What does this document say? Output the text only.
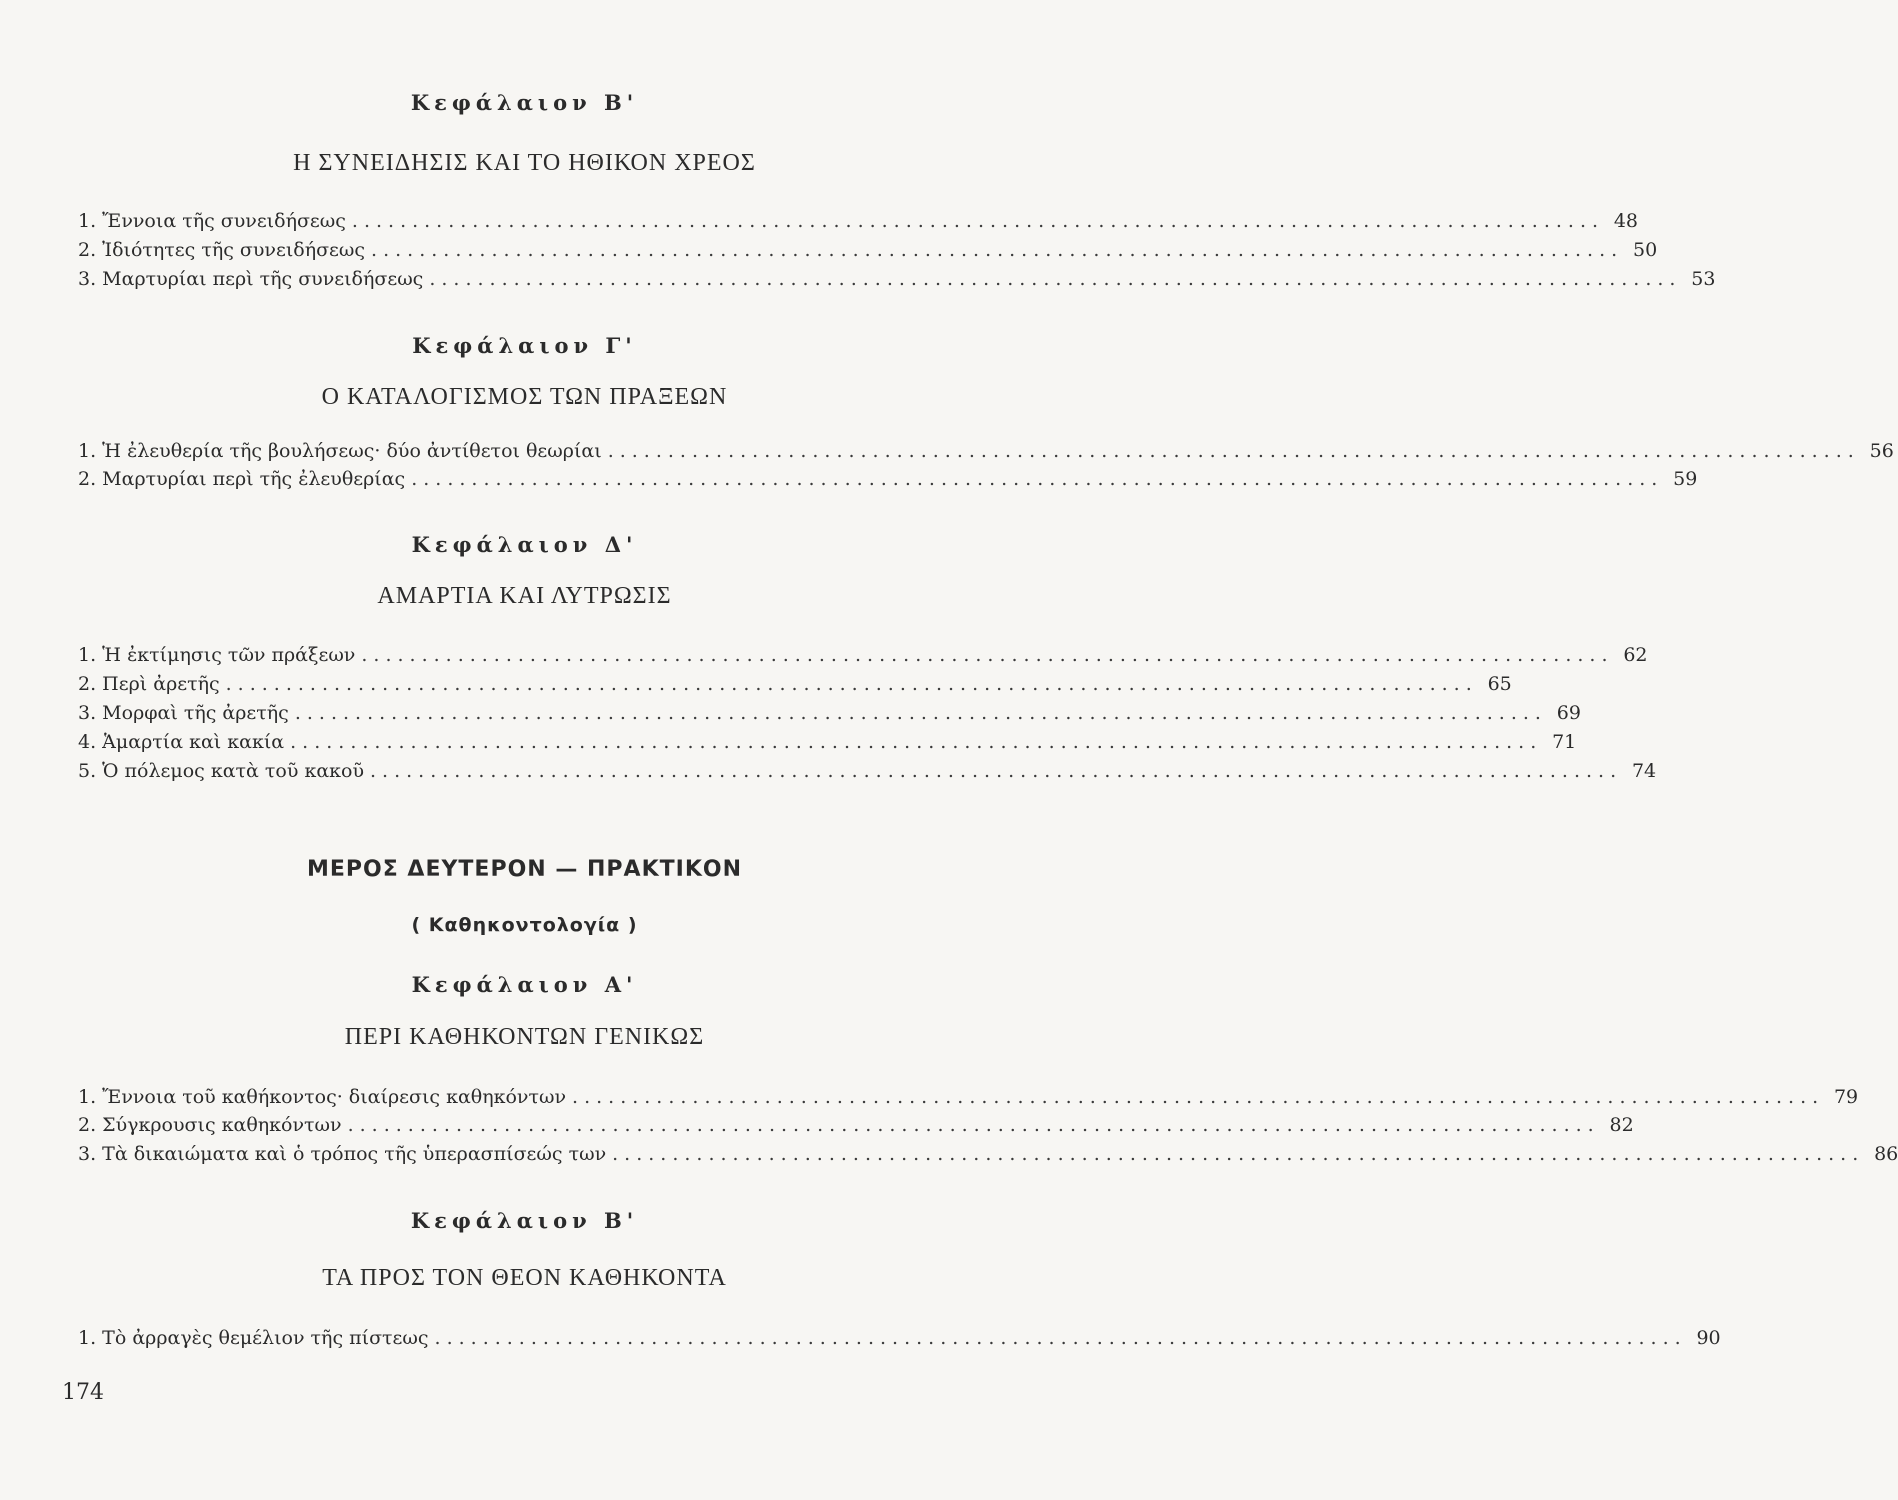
Κεφάλαιον Β'
Η ΣΥΝΕΙΔΗΣΙΣ ΚΑΙ ΤΟ ΗΘΙΚΟΝ ΧΡΕΟΣ
1. Ἔννοια τῆς συνειδήσεως ........................................................................................................ 48
2. Ἰδιότητες τῆς συνειδήσεως ........................................................................................................ 50
3. Μαρτυρίαι περὶ τῆς συνειδήσεως ........................................................................................................ 53
Κεφάλαιον Γ'
Ο ΚΑΤΑΛΟΓΙΣΜΟΣ ΤΩΝ ΠΡΑΞΕΩΝ
1. Ἡ ἐλευθερία τῆς βουλήσεως· δύο ἀντίθετοι θεωρίαι ........................................................................................................ 56
2. Μαρτυρίαι περὶ τῆς ἐλευθερίας ........................................................................................................ 59
Κεφάλαιον Δ'
ΑΜΑΡΤΙΑ ΚΑΙ ΛΥΤΡΩΣΙΣ
1. Ἡ ἐκτίμησις τῶν πράξεων ........................................................................................................ 62
2. Περὶ ἀρετῆς ........................................................................................................ 65
3. Μορφαὶ τῆς ἀρετῆς ........................................................................................................ 69
4. Ἁμαρτία καὶ κακία ........................................................................................................ 71
5. Ὁ πόλεμος κατὰ τοῦ κακοῦ ........................................................................................................ 74
ΜΕΡΟΣ ΔΕΥΤΕΡΟΝ — ΠΡΑΚΤΙΚΟΝ
( Καθηκοντολογία )
Κεφάλαιον Α'
ΠΕΡΙ ΚΑΘΗΚΟΝΤΩΝ ΓΕΝΙΚΩΣ
1. Ἔννοια τοῦ καθήκοντος· διαίρεσις καθηκόντων ........................................................................................................ 79
2. Σύγκρουσις καθηκόντων ........................................................................................................ 82
3. Τὰ δικαιώματα καὶ ὁ τρόπος τῆς ὑπερασπίσεώς των ........................................................................................................ 86
Κεφάλαιον Β'
ΤΑ ΠΡΟΣ ΤΟΝ ΘΕΟΝ ΚΑΘΗΚΟΝΤΑ
1. Τὸ ἀρραγὲς θεμέλιον τῆς πίστεως ........................................................................................................ 90
174
